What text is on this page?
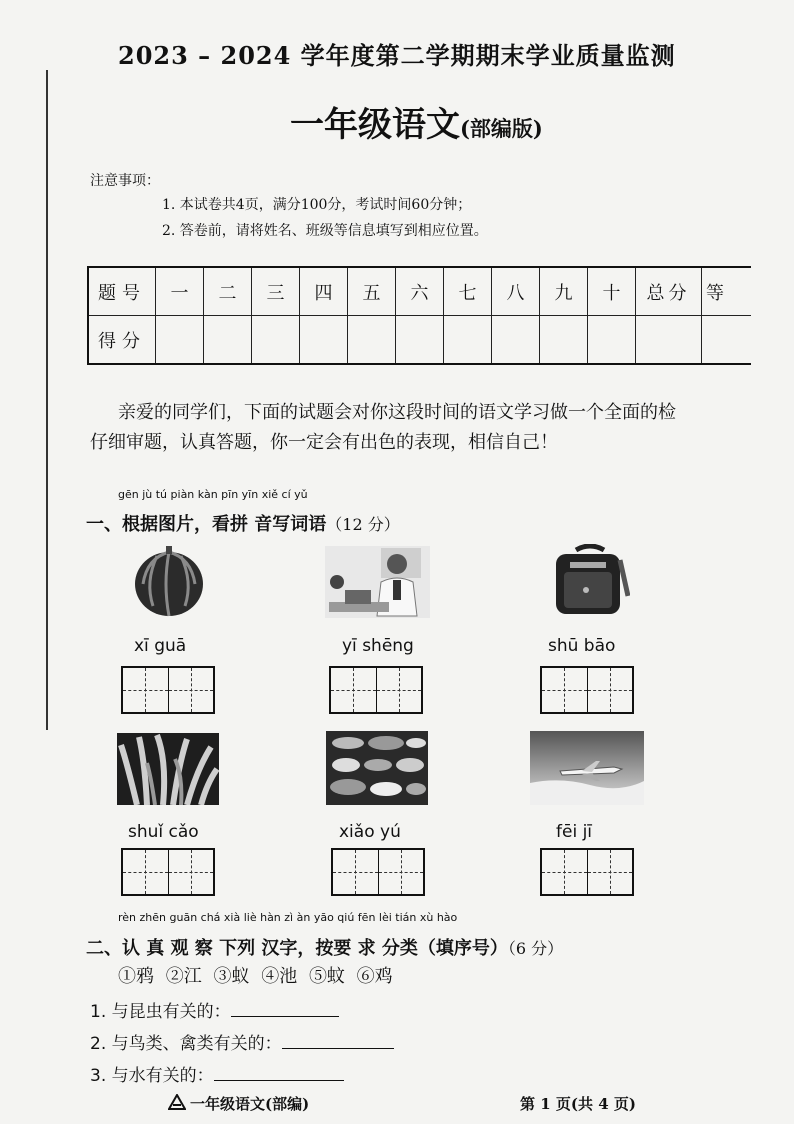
2023 – 2024 学年度第二学期期末学业质量监测
一年级语文(部编版)
注意事项：
1. 本试卷共4页，满分100分，考试时间60分钟；
2. 答卷前，请将姓名、班级等信息填写到相应位置。
题号	一	二	三	四	五	六	七	八	九	十	总分	等
得分												
亲爱的同学们，下面的试题会对你这段时间的语文学习做一个全面的检
仔细审题，认真答题，你一定会有出色的表现，相信自己！
gēn jù tú piàn kàn pīn yīn xiě cí yǔ
一、根据图片，看拼 音写词语（12 分）
xī guā	yī shēng	shū bāo
shuǐ cǎo	xiǎo yú	fēi jī
rèn zhēn guān chá xià liè hàn zì àn yāo qiú fēn lèi tián xù hào
二、认 真 观 察 下列 汉字，按要 求 分类（填序号）（6 分）
①鸦 ②江 ③蚁 ④池 ⑤蚊 ⑥鸡
1. 与昆虫有关的：
2. 与鸟类、禽类有关的：
3. 与水有关的：
一年级语文(部编)	第 1 页(共 4 页)
